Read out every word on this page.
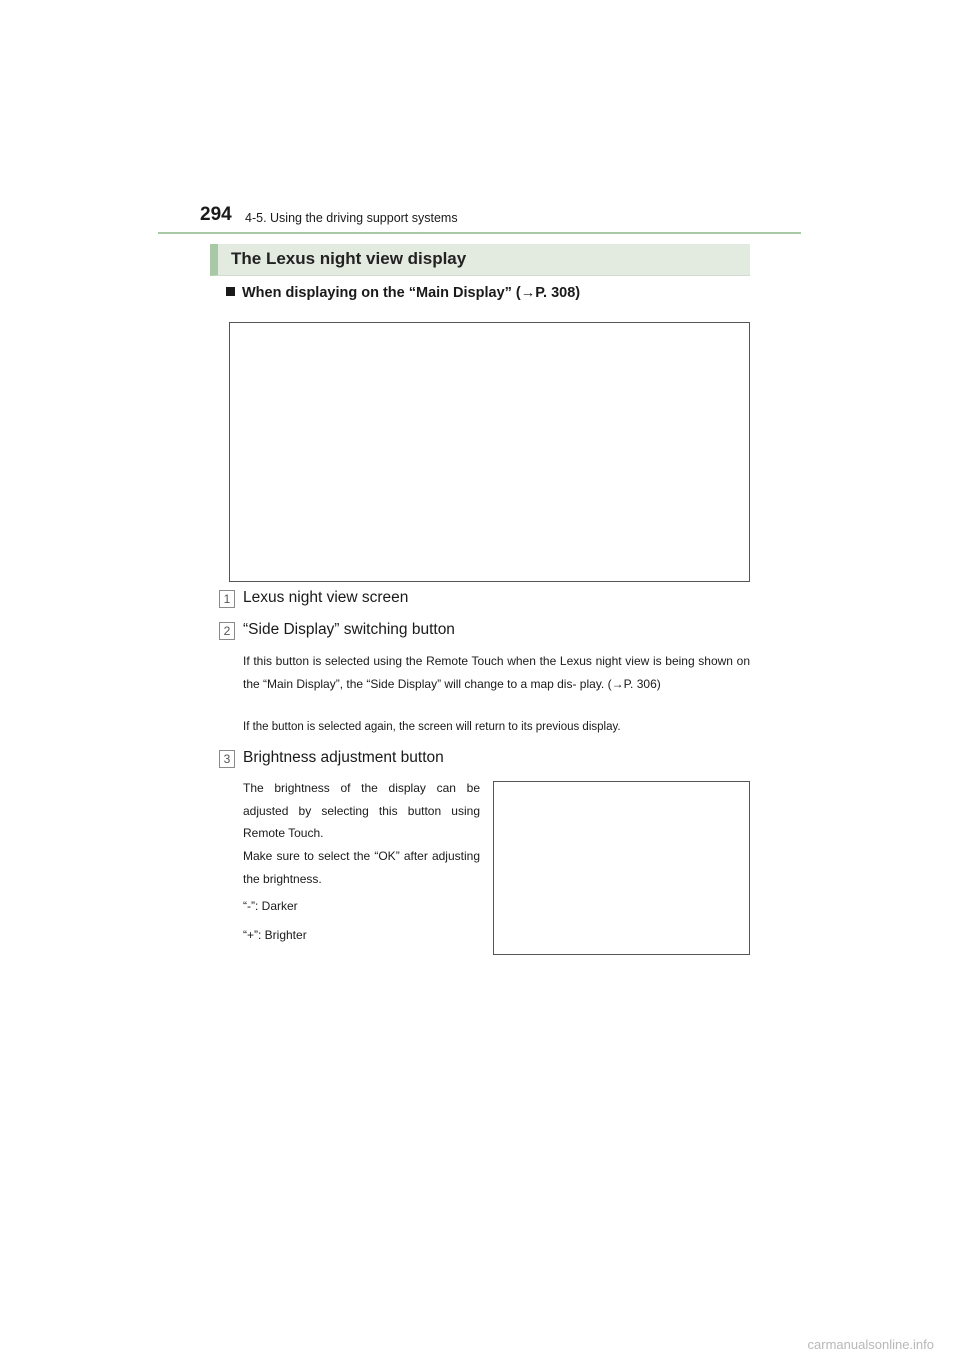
294 4-5. Using the driving support systems
The Lexus night view display
When displaying on the “Main Display” (→P. 308)
1 Lexus night view screen
2 “Side Display” switching button
If this button is selected using the Remote Touch when the Lexus night view is being shown on the “Main Display”, the “Side Display” will change to a map dis- play. (→P. 306)
If the button is selected again, the screen will return to its previous display.
3 Brightness adjustment button
The brightness of the display can be adjusted by selecting this button using Remote Touch.
Make sure to select the “OK” after adjusting the brightness.
“-”: Darker
“+”: Brighter
carmanualsonline.info
